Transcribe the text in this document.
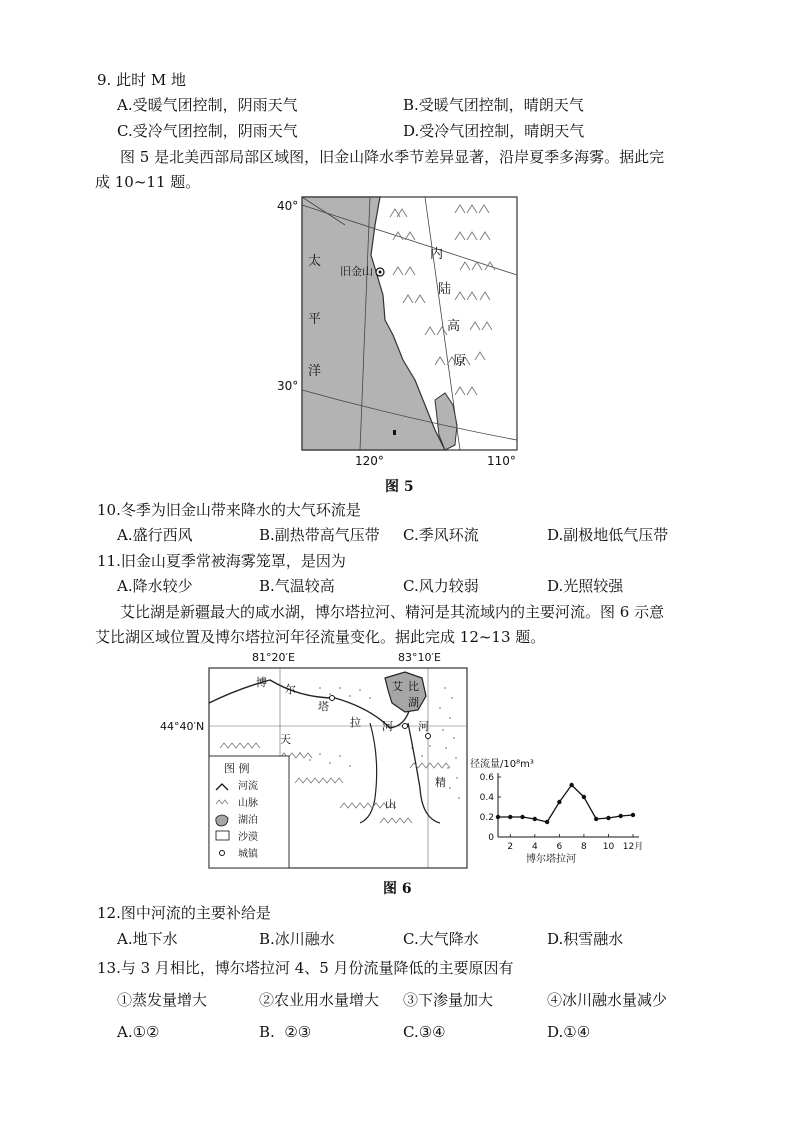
9. 此时 M 地
A.受暖气团控制，阴雨天气	B.受暖气团控制，晴朗天气
C.受冷气团控制，阴雨天气	D.受冷气团控制，晴朗天气
图 5 是北美西部局部区域图，旧金山降水季节差异显著，沿岸夏季多海雾。据此完
成 10~11 题。
40°
30°
120°	110°
太
平
洋
旧金山
内
陆
高
原
图 5
10.冬季为旧金山带来降水的大气环流是
A.盛行西风	B.副热带高气压带 C.季风环流	D.副极地低气压带
11.旧金山夏季常被海雾笼罩，是因为
A.降水较少	B.气温较高	C.风力较弱	D.光照较强
艾比湖是新疆最大的咸水湖，博尔塔拉河、精河是其流域内的主要河流。图 6 示意
艾比湖区域位置及博尔塔拉河年径流量变化。据此完成 12~13 题。
81°20′E	83°10′E
44°40′N
博
尔
塔
拉 河
艾 比
湖
精
河
天
山
图 例
河流
山脉
湖泊
沙漠
城镇
径流量/10⁸m³
0
0.2
0.4
0.6
2 4 6 8 10 12月
博尔塔拉河
图 6
12.图中河流的主要补给是
A.地下水	B.冰川融水	C.大气降水	D.积雪融水
13.与 3 月相比，博尔塔拉河 4、5 月份流量降低的主要原因有
①蒸发量增大	②农业用水量增大 ③下渗量加大	④冰川融水量减少
A.①②	B.  ②③	C.③④	D.①④
